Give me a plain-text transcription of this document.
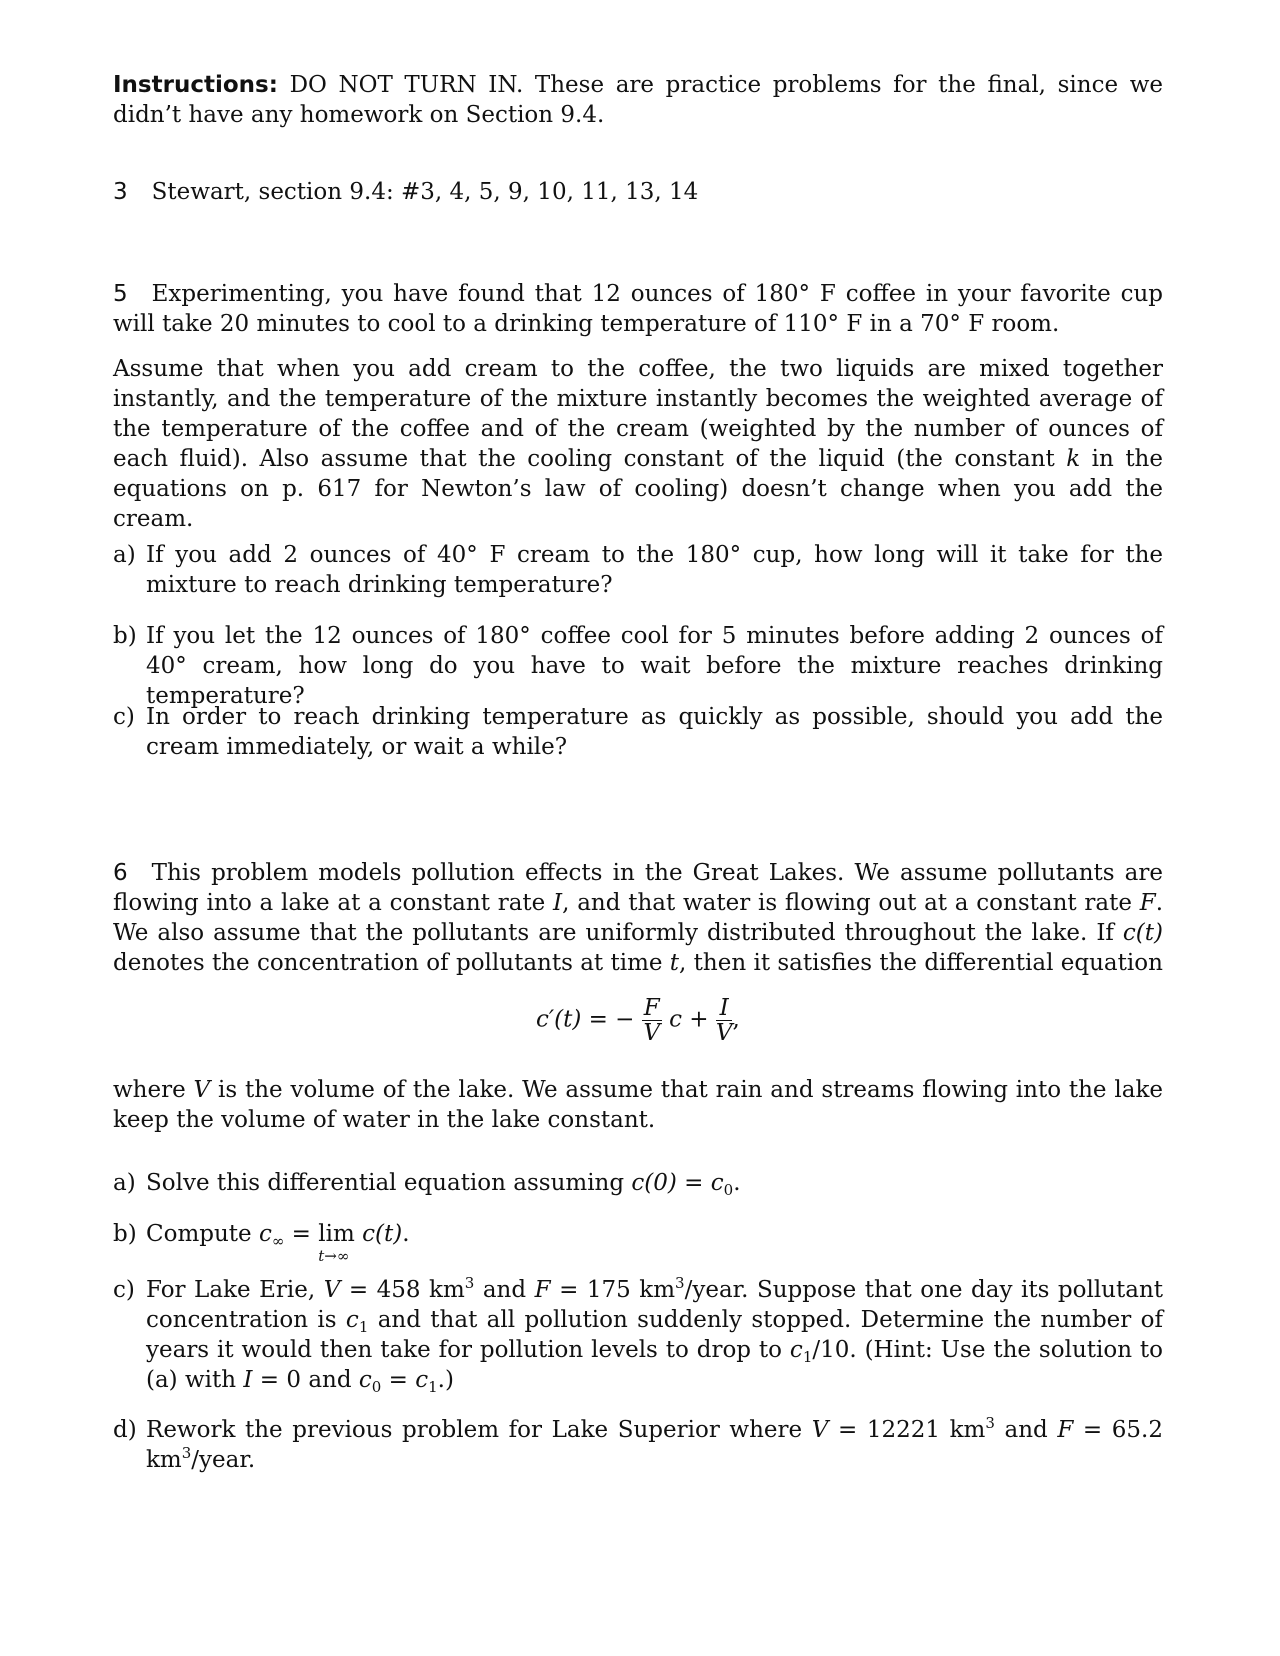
Instructions: DO NOT TURN IN. These are practice problems for the final, since we didn’t have any homework on Section 9.4.
3 Stewart, section 9.4: #3, 4, 5, 9, 10, 11, 13, 14
5 Experimenting, you have found that 12 ounces of 180° F coffee in your favorite cup will take 20 minutes to cool to a drinking temperature of 110° F in a 70° F room.
Assume that when you add cream to the coffee, the two liquids are mixed together instantly, and the temperature of the mixture instantly becomes the weighted average of the temperature of the coffee and of the cream (weighted by the number of ounces of each fluid). Also assume that the cooling constant of the liquid (the constant k in the equations on p. 617 for Newton’s law of cooling) doesn’t change when you add the cream.
a) If you add 2 ounces of 40° F cream to the 180° cup, how long will it take for the mixture to reach drinking temperature?
b) If you let the 12 ounces of 180° coffee cool for 5 minutes before adding 2 ounces of 40° cream, how long do you have to wait before the mixture reaches drinking temperature?
c) In order to reach drinking temperature as quickly as possible, should you add the cream immediately, or wait a while?
6 This problem models pollution effects in the Great Lakes. We assume pollutants are flowing into a lake at a constant rate I, and that water is flowing out at a constant rate F. We also assume that the pollutants are uniformly distributed throughout the lake. If c(t) denotes the concentration of pollutants at time t, then it satisfies the differential equation
c′(t) = − $\frac{F}{V}$ $c + \frac{I}{V}$ ,
where V is the volume of the lake. We assume that rain and streams flowing into the lake keep the volume of water in the lake constant.
a) Solve this differential equation assuming $c(0) = c_0$.
b) Compute $c_\infty = \lim$
t→∞
c(t).
c) For Lake Erie, V = 458 $km^3$ and F = 175 $km^3$/year. Suppose that one day its pollutant concentration is $c_1$ and that all pollution suddenly stopped. Determine the number of years it would then take for pollution levels to drop to $c_1/10$. (Hint: Use the solution to (a) with I = 0 and $c_0 = c_1$.)
d) Rework the previous problem for Lake Superior where V = 12221 $km^3$ and F = 65.2 $km^3$/year.
